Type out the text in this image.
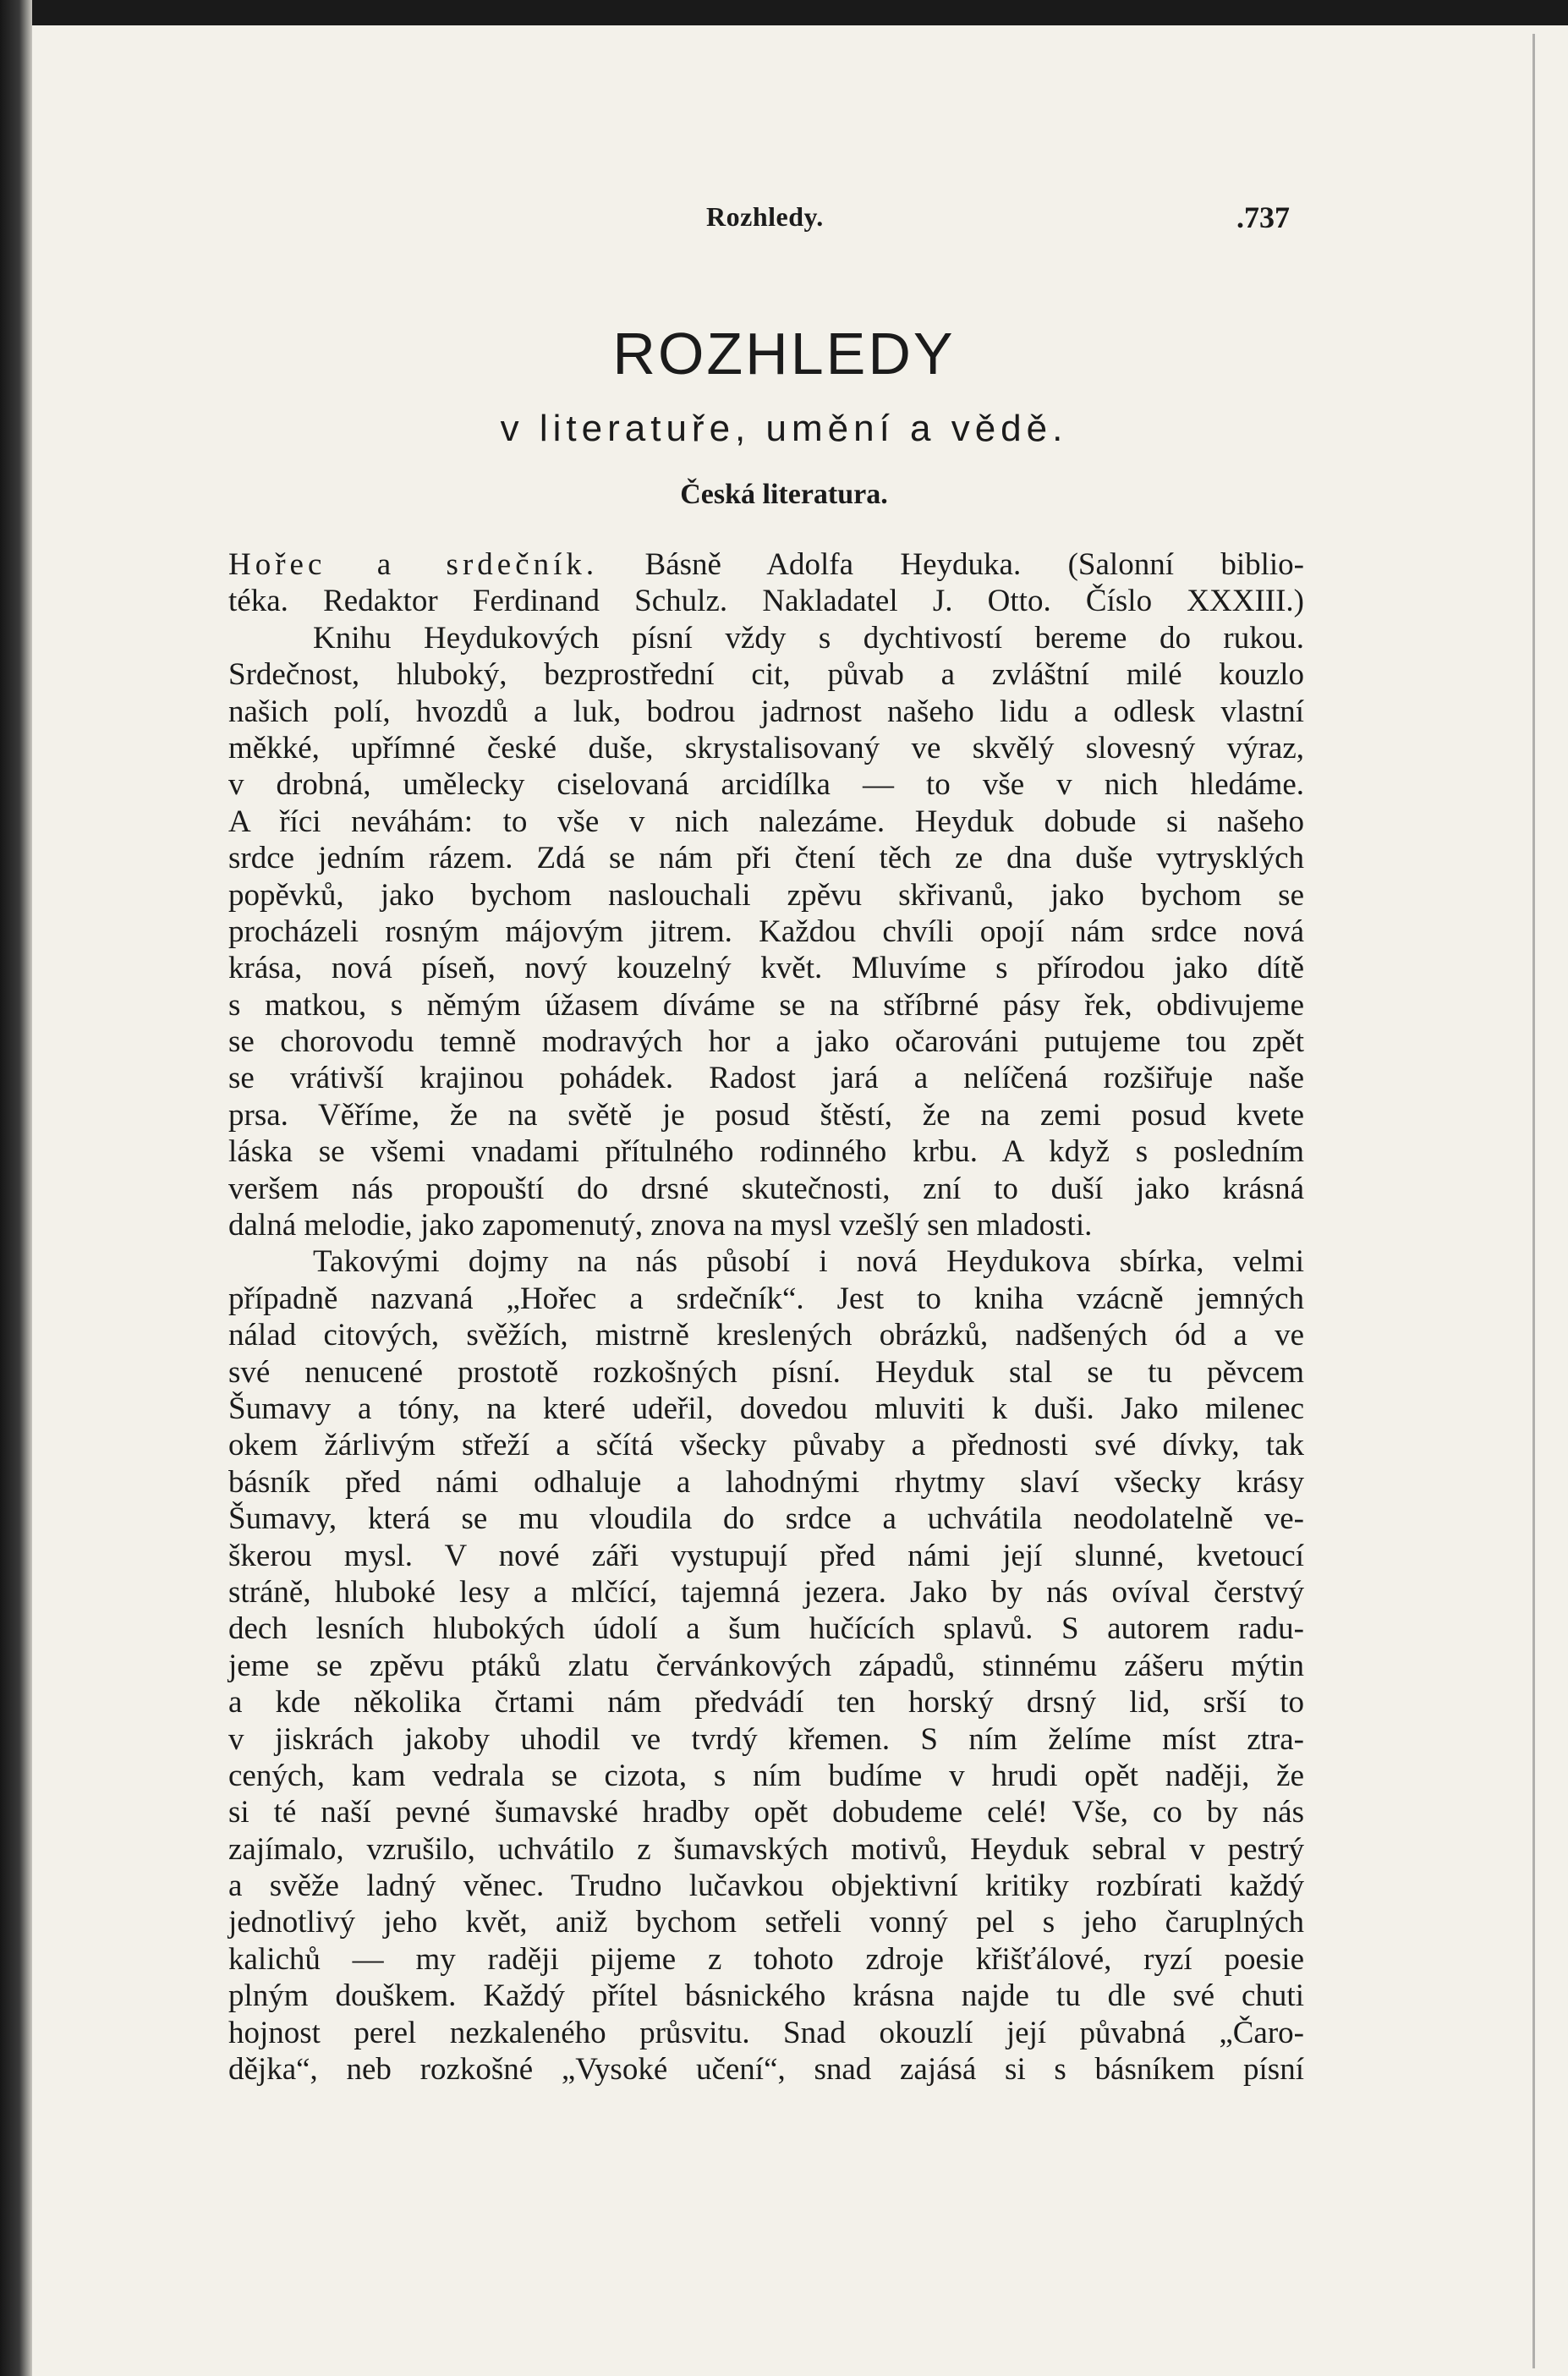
Rozhledy.	.737
ROZHLEDY
v literatuře, umění a vědě.
Česká literatura.
Hořec a srdečník. Básně Adolfa Heyduka. (Salonní biblio-
téka. Redaktor Ferdinand Schulz. Nakladatel J. Otto. Číslo XXXIII.)
Knihu Heydukových písní vždy s dychtivostí bereme do rukou.
Srdečnost, hluboký, bezprostřední cit, půvab a zvláštní milé kouzlo
našich polí, hvozdů a luk, bodrou jadrnost našeho lidu a odlesk vlastní
měkké, upřímné české duše, skrystalisovaný ve skvělý slovesný výraz,
v drobná, umělecky ciselovaná arcidílka — to vše v nich hledáme.
A říci neváhám: to vše v nich nalezáme. Heyduk dobude si našeho
srdce jedním rázem. Zdá se nám při čtení těch ze dna duše vytrysklých
popěvků, jako bychom naslouchali zpěvu skřivanů, jako bychom se
procházeli rosným májovým jitrem. Každou chvíli opojí nám srdce nová
krása, nová píseň, nový kouzelný květ. Mluvíme s přírodou jako dítě
s matkou, s němým úžasem díváme se na stříbrné pásy řek, obdivujeme
se chorovodu temně modravých hor a jako očarováni putujeme tou zpět
se vrátivší krajinou pohádek. Radost jará a nelíčená rozšiřuje naše
prsa. Věříme, že na světě je posud štěstí, že na zemi posud kvete
láska se všemi vnadami přítulného rodinného krbu. A když s posledním
veršem nás propouští do drsné skutečnosti, zní to duší jako krásná
dalná melodie, jako zapomenutý, znova na mysl vzešlý sen mladosti.
Takovými dojmy na nás působí i nová Heydukova sbírka, velmi
případně nazvaná „Hořec a srdečník“. Jest to kniha vzácně jemných
nálad citových, svěžích, mistrně kreslených obrázků, nadšených ód a ve
své nenucené prostotě rozkošných písní. Heyduk stal se tu pěvcem
Šumavy a tóny, na které udeřil, dovedou mluviti k duši. Jako milenec
okem žárlivým střeží a sčítá všecky půvaby a přednosti své dívky, tak
básník před námi odhaluje a lahodnými rhytmy slaví všecky krásy
Šumavy, která se mu vloudila do srdce a uchvátila neodolatelně ve-
škerou mysl. V nové záři vystupují před námi její slunné, kvetoucí
stráně, hluboké lesy a mlčící, tajemná jezera. Jako by nás ovíval čerstvý
dech lesních hlubokých údolí a šum hučících splavů. S autorem radu-
jeme se zpěvu ptáků zlatu červánkových západů, stinnému zášeru mýtin
a kde několika črtami nám předvádí ten horský drsný lid, srší to
v jiskrách jakoby uhodil ve tvrdý křemen. S ním želíme míst ztra-
cených, kam vedrala se cizota, s ním budíme v hrudi opět naději, že
si té naší pevné šumavské hradby opět dobudeme celé! Vše, co by nás
zajímalo, vzrušilo, uchvátilo z šumavských motivů, Heyduk sebral v pestrý
a svěže ladný věnec. Trudno lučavkou objektivní kritiky rozbírati každý
jednotlivý jeho květ, aniž bychom setřeli vonný pel s jeho čaruplných
kalichů — my raději pijeme z tohoto zdroje křišťálové, ryzí poesie
plným douškem. Každý přítel básnického krásna najde tu dle své chuti
hojnost perel nezkaleného průsvitu. Snad okouzlí její půvabná „Čaro-
dějka“, neb rozkošné „Vysoké učení“, snad zajásá si s básníkem písní
